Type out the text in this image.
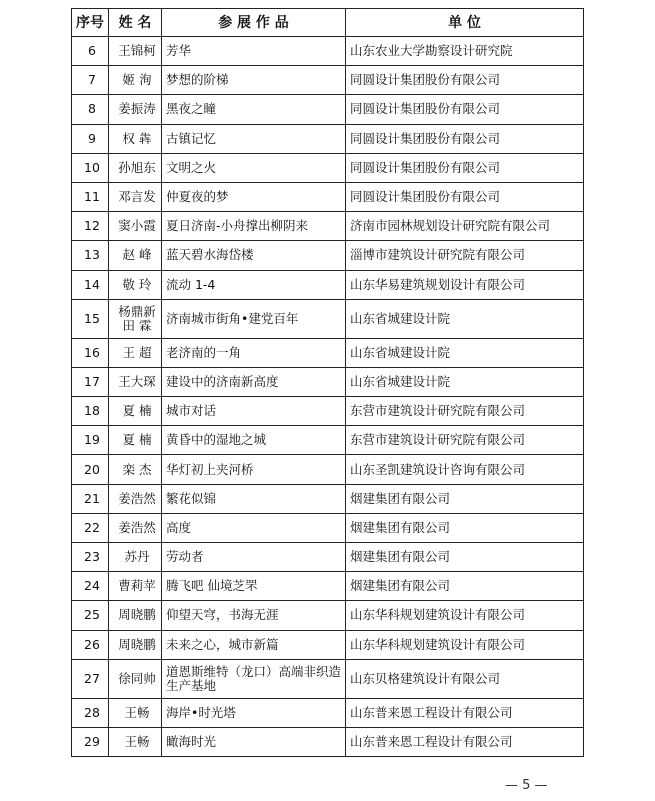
序号	姓 名	参 展 作 品	单 位
6	王锦柯	芳华	山东农业大学勘察设计研究院
7	姬 洵	梦想的阶梯	同圆设计集团股份有限公司
8	姜振涛	黑夜之瞳	同圆设计集团股份有限公司
9	权 犇	古镇记忆	同圆设计集团股份有限公司
10	孙旭东	文明之火	同圆设计集团股份有限公司
11	邓言发	仲夏夜的梦	同圆设计集团股份有限公司
12	窦小霞	夏日济南-小舟撑出柳阴来	济南市园林规划设计研究院有限公司
13	赵 峰	蓝天碧水海岱楼	淄博市建筑设计研究院有限公司
14	敬 玲	流动 1-4	山东华易建筑规划设计有限公司
15	杨鼎新 田 霖	济南城市街角•建党百年	山东省城建设计院
16	王 超	老济南的一角	山东省城建设计院
17	王大琛	建设中的济南新高度	山东省城建设计院
18	夏 楠	城市对话	东营市建筑设计研究院有限公司
19	夏 楠	黄昏中的湿地之城	东营市建筑设计研究院有限公司
20	栾 杰	华灯初上夹河桥	山东圣凯建筑设计咨询有限公司
21	姜浩然	繁花似锦	烟建集团有限公司
22	姜浩然	高度	烟建集团有限公司
23	苏丹	劳动者	烟建集团有限公司
24	曹莉苹	腾飞吧 仙境芝罘	烟建集团有限公司
25	周晓鹏	仰望天穹，书海无涯	山东华科规划建筑设计有限公司
26	周晓鹏	未来之心，城市新篇	山东华科规划建筑设计有限公司
27	徐同帅	道恩斯维特（龙口）高端非织造生产基地	山东贝格建筑设计有限公司
28	王畅	海岸•时光塔	山东普来恩工程设计有限公司
29	王畅	瞰海时光	山东普来恩工程设计有限公司
— 5 —
